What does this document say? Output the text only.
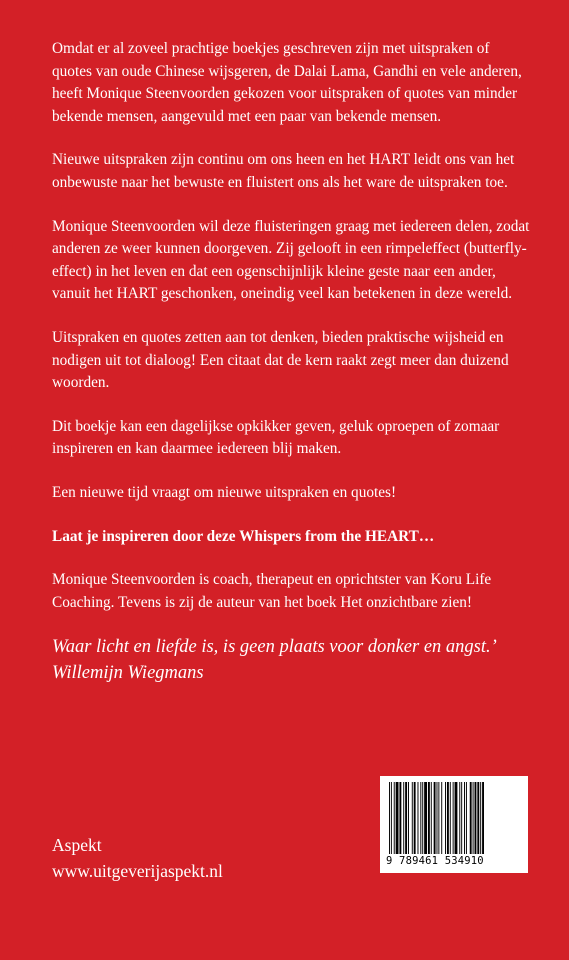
Omdat er al zoveel prachtige boekjes geschreven zijn met uitspraken of quotes van oude Chinese wijsgeren, de Dalai Lama, Gandhi en vele anderen, heeft Monique Steenvoorden gekozen voor uitspraken of quotes van minder bekende mensen, aangevuld met een paar van bekende mensen.

Nieuwe uitspraken zijn continu om ons heen en het HART leidt ons van het onbewuste naar het bewuste en fluistert ons als het ware de uitspraken toe.

Monique Steenvoorden wil deze fluisteringen graag met iedereen delen, zodat anderen ze weer kunnen doorgeven. Zij gelooft in een rimpeleffect (butterfly-effect) in het leven en dat een ogenschijnlijk kleine geste naar een ander, vanuit het HART geschonken, oneindig veel kan betekenen in deze wereld.

Uitspraken en quotes zetten aan tot denken, bieden praktische wijsheid en nodigen uit tot dialoog! Een citaat dat de kern raakt zegt meer dan duizend woorden.

Dit boekje kan een dagelijkse opkikker geven, geluk oproepen of zomaar inspireren en kan daarmee iedereen blij maken.

Een nieuwe tijd vraagt om nieuwe uitspraken en quotes!

Laat je inspireren door deze Whispers from the HEART…

Monique Steenvoorden is coach, therapeut en oprichtster van Koru Life Coaching. Tevens is zij de auteur van het boek Het onzichtbare zien!

Waar licht en liefde is, is geen plaats voor donker en angst.’

Willemijn Wiegmans

Aspekt
www.uitgeverijaspekt.nl	9 789461 534910
